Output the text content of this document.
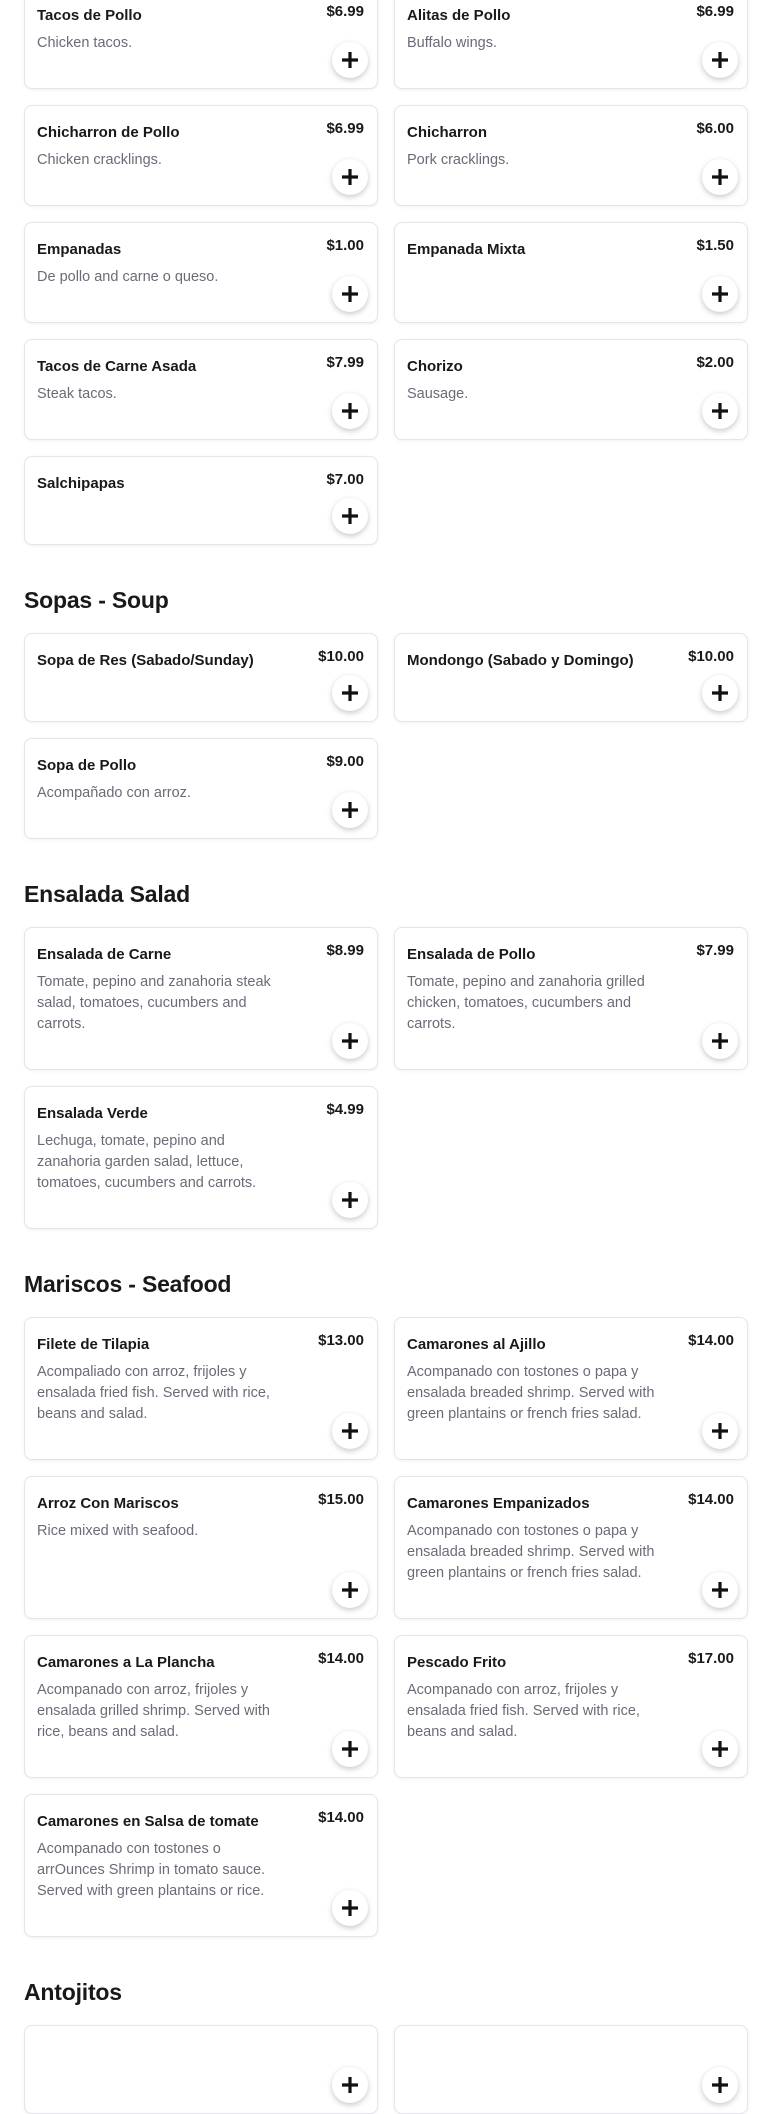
Tacos de Pollo	$6.99
Chicken tacos.
Alitas de Pollo	$6.99
Buffalo wings.
Chicharron de Pollo	$6.99
Chicken cracklings.
Chicharron	$6.00
Pork cracklings.
Empanadas	$1.00
De pollo and carne o queso.
Empanada Mixta	$1.50
Tacos de Carne Asada	$7.99
Steak tacos.
Chorizo	$2.00
Sausage.
Salchipapas	$7.00
Sopas - Soup
Sopa de Res (Sabado/Sunday)	$10.00	Mondongo (Sabado y Domingo)	$10.00
Sopa de Pollo	$9.00
Acompañado con arroz.
Ensalada Salad
Ensalada de Carne	$8.99
Tomate, pepino and zanahoria steak salad, tomatoes, cucumbers and carrots.
Ensalada de Pollo	$7.99
Tomate, pepino and zanahoria grilled chicken, tomatoes, cucumbers and carrots.
Ensalada Verde	$4.99
Lechuga, tomate, pepino and zanahoria garden salad, lettuce, tomatoes, cucumbers and carrots.
Mariscos - Seafood
Filete de Tilapia	$13.00
Acompaliado con arroz, frijoles y ensalada fried fish. Served with rice, beans and salad.
Camarones al Ajillo	$14.00
Acompanado con tostones o papa y ensalada breaded shrimp. Served with green plantains or french fries salad.
Arroz Con Mariscos	$15.00
Rice mixed with seafood.
Camarones Empanizados	$14.00
Acompanado con tostones o papa y ensalada breaded shrimp. Served with green plantains or french fries salad.
Camarones a La Plancha	$14.00
Acompanado con arroz, frijoles y ensalada grilled shrimp. Served with rice, beans and salad.
Pescado Frito	$17.00
Acompanado con arroz, frijoles y ensalada fried fish. Served with rice, beans and salad.
Camarones en Salsa de tomate	$14.00
Acompanado con tostones o arrOunces Shrimp in tomato sauce. Served with green plantains or rice.
Antojitos
